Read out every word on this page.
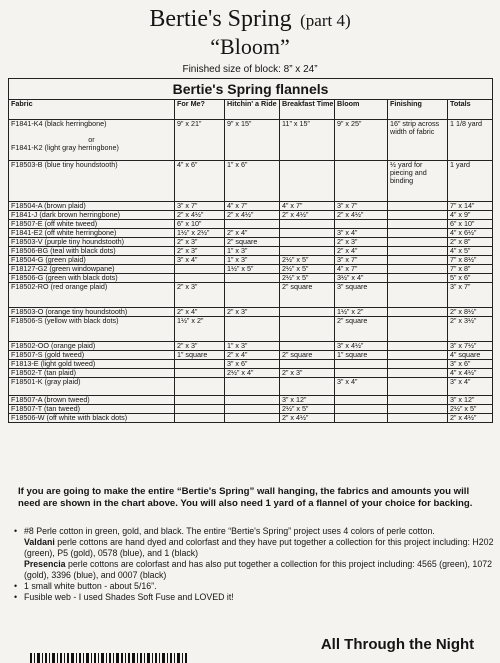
Bertie's Spring (part 4)
“Bloom”
Finished size of block: 8” x 24”
Bertie's Spring flannels						
Fabric	For Me?	Hitchin' a Ride	Breakfast Time	Bloom	Finishing	Totals
F1841-K4 (black herringbone)

or
F1841-K2 (light gray herringbone)	9” x 21”	9” x 15”	11” x 15”	9” x 25”	16” strip across width of fabric	1 1/8 yard
F18503-B (blue tiny houndstooth)	4” x 6”	1” x 6”			½ yard for piecing and binding	1 yard
F18504-A (brown plaid)	3” x 7”	4” x 7”	4” x 7”	3” x 7”		7” x 14”
F1841-J (dark brown herringbone)	2” x 4½”	2” x 4½”	2” x 4½”	2” x 4½”		4” x 9”
F18507-E (off white tweed)	6” x 10”					6” x 10”
F1841-E2 (off white herringbone)	1½” x 2½”	2” x 4”		3” x 4”		4” x 6½”
F18503-V (purple tiny houndstooth)	2” x 3”	2” square		2” x 3”		2” x 8”
F18506-BG (teal with black dots)	2” x 3”	1” x 3”		2” x 4”		4” x 5”
F18504-G (green plaid)	3” x 4”	1” x 3”	2½” x 5”	3” x 7”		7” x 8½”
F18127-G2 (green windowpane)		1½” x 5”	2½” x 5”	4” x 7”		7” x 8”
F18506-G (green with black dots)			2½” x 5”	3½” x 4”		5” x 6”
F18502-RO (red orange plaid)	2” x 3”		2” square	3” square		3” x 7”
F18503-O (orange tiny houndstooth)	2” x 4”	2” x 3”		1½” x 2”		2” x 8½”
F18506-S (yellow with black dots)	1½” x 2”			2” square		2” x 3½”
F18502-OO (orange plaid)	2” x 3”	1” x 3”		3” x 4½”		3” x 7½”
F18507-S (gold tweed)	1” square	2” x 4”	2” square	1” square		4” square
F1813-E (light gold tweed)		3” x 6”				3” x 6”
F18502-T (tan plaid)		2½” x 4”	2” x 3”			4” x 4½”
F18501-K (gray plaid)				3” x 4”		3” x 4”
F18507-A (brown tweed)			3” x 12”			3” x 12”
F18507-T (tan tweed)			2½” x 5”			2½” x 5”
F18506-W (off white with black dots)			2” x 4½”			2” x 4½”
If you are going to make the entire “Bertie's Spring” wall hanging, the fabrics and amounts you will need are shown in the chart above. You will also need 1 yard of a flannel of your choice for backing.
• #8 Perle cotton in green, gold, and black. The entire “Bertie's Spring” project uses 4 colors of perle cotton.
Valdani perle cottons are hand dyed and colorfast and they have put together a collection for this project including: H202 (green), P5 (gold), 0578 (blue), and 1 (black)
Presencia perle cottons are colorfast and has also put together a collection for this project including: 4565 (green), 1072 (gold), 3396 (blue), and 0007 (black)
• 1 small white button - about 5/16”.
• Fusible web - I used Shades Soft Fuse and LOVED it!
All Through the Night
